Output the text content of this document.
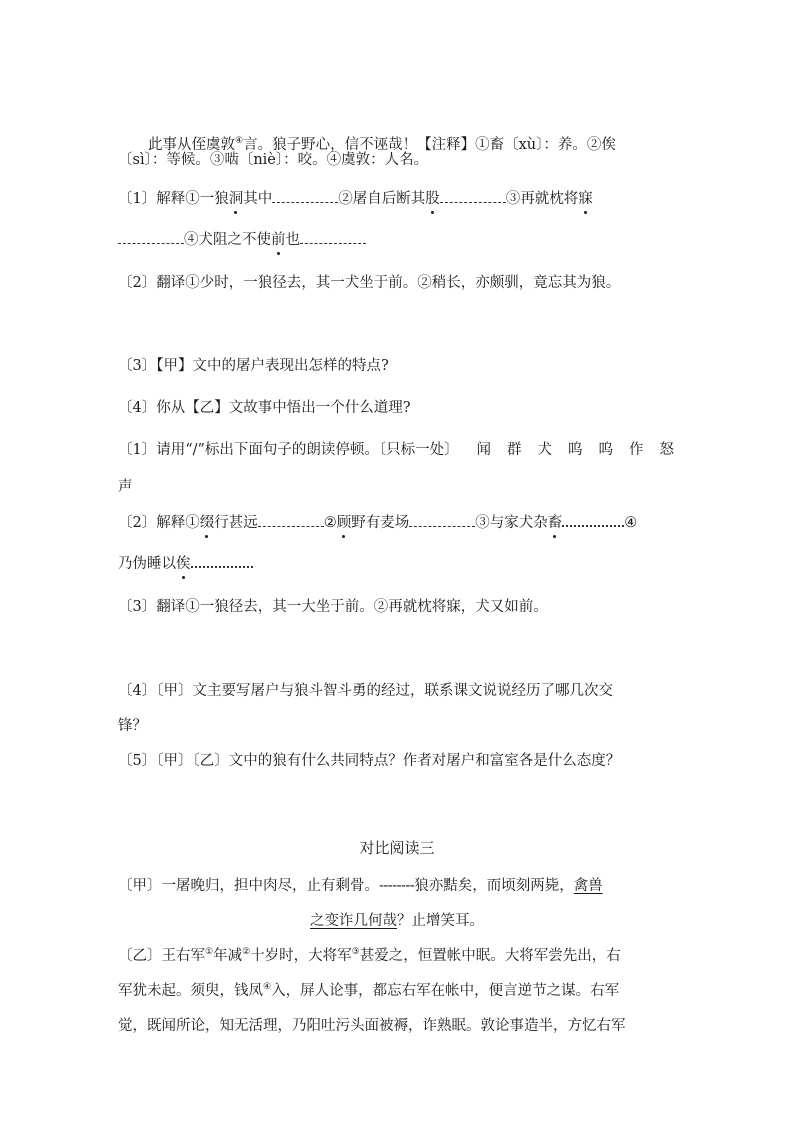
此事从侄虞敦④言。狼子野心，信不诬哉！【注释】①畜〔xù〕：养。②俟
〔sì〕：等候。③啮〔niè〕：咬。④虞敦：人名。
〔1〕解释①一狼洞其中	②屠自后断其股	③再就枕将寐
④犬阻之不使前也
〔2〕翻译①少时，一狼径去，其一犬坐于前。②稍长，亦颇驯，竟忘其为狼。
〔3〕【甲】文中的屠户表现出怎样的特点?
〔4〕你从【乙】文故事中悟出一个什么道理?
〔1〕请用“/”标出下面句子的朗读停顿。〔只标一处〕 闻 群 犬 呜 呜 作 怒
声
〔2〕解释①缀行甚远	②顾野有麦场	③与家犬杂畜	④
乃伪睡以俟
〔3〕翻译①一狼径去，其一大坐于前。②再就枕将寐，犬又如前。
〔4〕〔甲〕文主要写屠户与狼斗智斗勇的经过，联系课文说说经历了哪几次交
锋？
〔5〕〔甲〕〔乙〕文中的狼有什么共同特点？作者对屠户和富室各是什么态度？
对比阅读三
〔甲〕一屠晚归，担中肉尽，止有剩骨。--------狼亦黠矣，而顷刻两毙，禽兽
之变诈几何哉？止增笑耳。
〔乙〕王右军①年减②十岁时，大将军③甚爱之，恒置帐中眠。大将军尝先出，右
军犹未起。须臾，钱凤④入，屏人论事，都忘右军在帐中，便言逆节之谋。右军
觉，既闻所论，知无活理，乃阳吐污头面被褥，诈熟眠。敦论事造半，方忆右军
